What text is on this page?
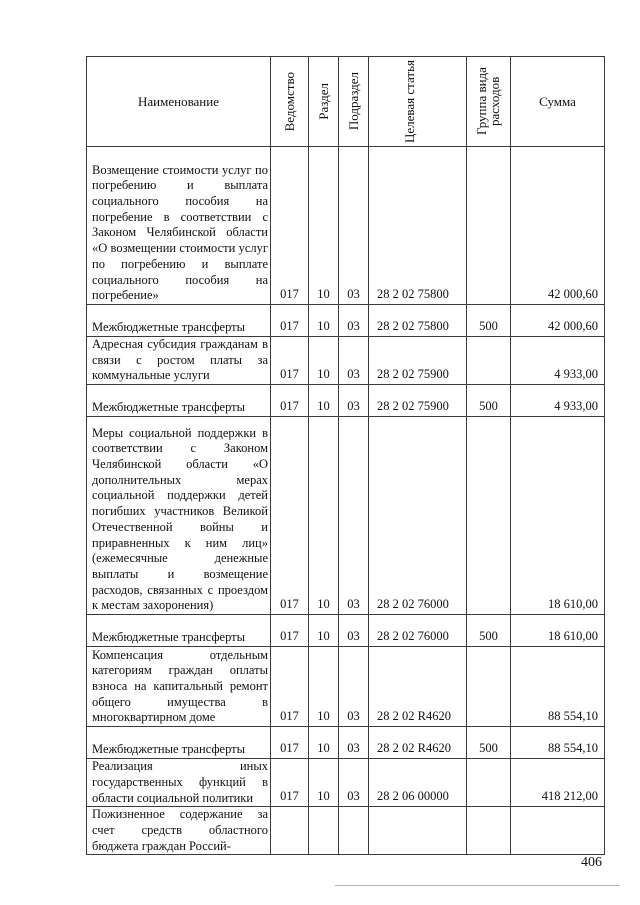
Наименование	Ведомство	Раздел	Подраздел	Целевая статья	Группа вида расходов	Сумма
Возмещение стоимости услуг по погребению и выплата социального пособия на погребение в соответствии с Законом Челябинской области «О возмещении стоимости услуг по погребению и выплате социального пособия на погребение»	017	10	03	28 2 02 75800		42 000,60
Межбюджетные трансферты	017	10	03	28 2 02 75800	500	42 000,60
Адресная субсидия гражданам в связи с ростом платы за коммунальные услуги	017	10	03	28 2 02 75900		4 933,00
Межбюджетные трансферты	017	10	03	28 2 02 75900	500	4 933,00
Меры социальной поддержки в соответствии с Законом Челябинской области «О дополнительных мерах социальной поддержки детей погибших участников Великой Отечественной войны и приравненных к ним лиц» (ежемесячные денежные выплаты и возмещение расходов, связанных с проездом к местам захоронения)	017	10	03	28 2 02 76000		18 610,00
Межбюджетные трансферты	017	10	03	28 2 02 76000	500	18 610,00
Компенсация отдельным категориям граждан оплаты взноса на капитальный ремонт общего имущества в многоквартирном доме	017	10	03	28 2 02 R4620		88 554,10
Межбюджетные трансферты	017	10	03	28 2 02 R4620	500	88 554,10
Реализация иных государственных функций в области социальной политики	017	10	03	28 2 06 00000		418 212,00
Пожизненное содержание за счет средств областного бюджета граждан Россий-						
406
